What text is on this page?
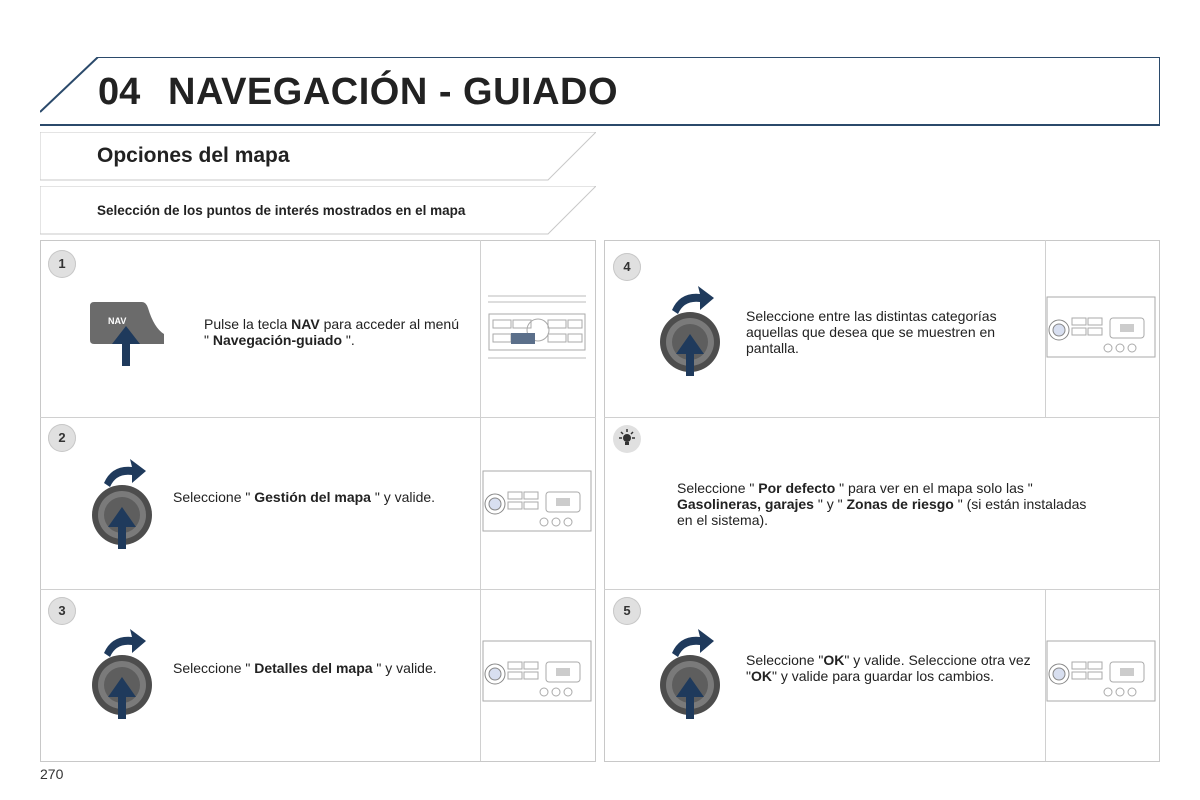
04 NAVEGACIÓN - GUIADO
Opciones del mapa
Selección de los puntos de interés mostrados en el mapa
1
NAV	Pulse la tecla NAV para acceder al menú " Navegación-guiado ".
2
Seleccione " Gestión del mapa " y valide.
3
Seleccione " Detalles del mapa " y valide.
4
Seleccione entre las distintas categorías aquellas que desea que se muestren en pantalla.
Seleccione " Por defecto " para ver en el mapa solo las " Gasolineras, garajes " y " Zonas de riesgo " (si están instaladas en el sistema).
5
Seleccione "OK" y valide. Seleccione otra vez "OK" y valide para guardar los cambios.
270
